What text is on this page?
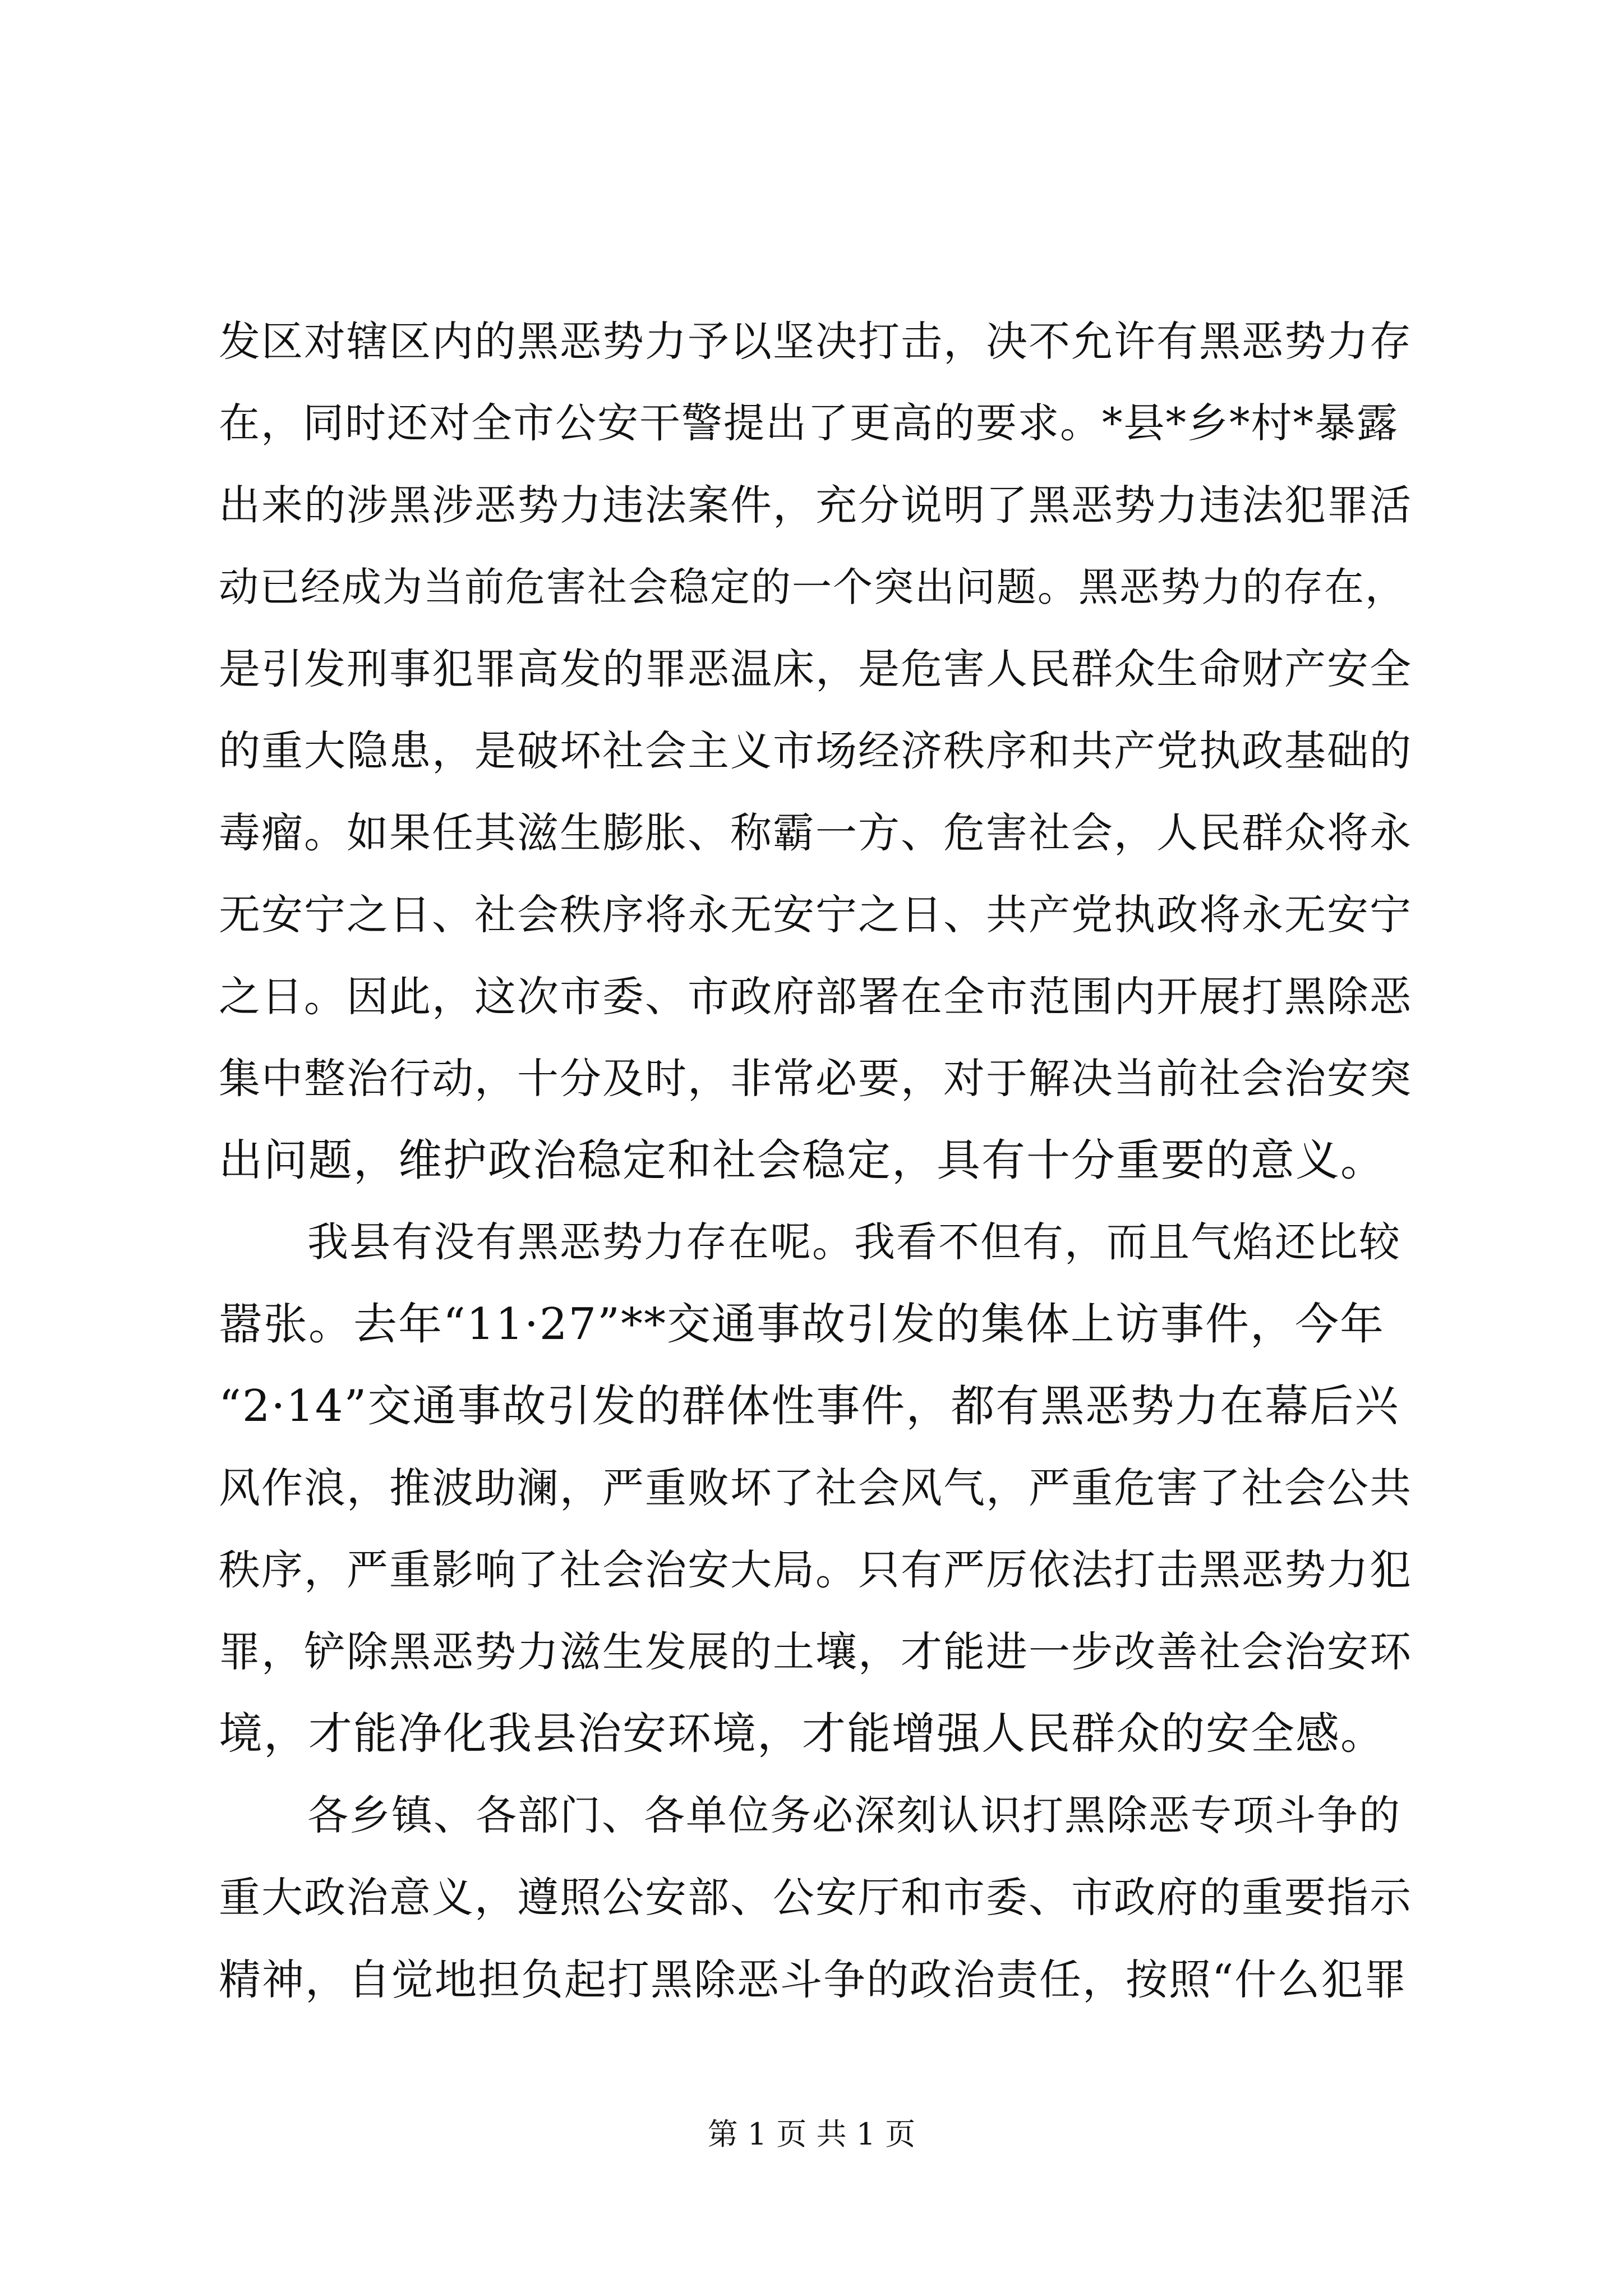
发区对辖区内的黑恶势力予以坚决打击，决不允许有黑恶势力存
在，同时还对全市公安干警提出了更高的要求。*县*乡*村*暴露
出来的涉黑涉恶势力违法案件，充分说明了黑恶势力违法犯罪活
动已经成为当前危害社会稳定的一个突出问题。黑恶势力的存在，
是引发刑事犯罪高发的罪恶温床，是危害人民群众生命财产安全
的重大隐患，是破坏社会主义市场经济秩序和共产党执政基础的
毒瘤。如果任其滋生膨胀、称霸一方、危害社会，人民群众将永
无安宁之日、社会秩序将永无安宁之日、共产党执政将永无安宁
之日。因此，这次市委、市政府部署在全市范围内开展打黑除恶
集中整治行动，十分及时，非常必要，对于解决当前社会治安突
出问题，维护政治稳定和社会稳定，具有十分重要的意义。
我县有没有黑恶势力存在呢。我看不但有，而且气焰还比较
嚣张。去年“11·27”**交通事故引发的集体上访事件，今年
“2·14”交通事故引发的群体性事件，都有黑恶势力在幕后兴
风作浪，推波助澜，严重败坏了社会风气，严重危害了社会公共
秩序，严重影响了社会治安大局。只有严厉依法打击黑恶势力犯
罪，铲除黑恶势力滋生发展的土壤，才能进一步改善社会治安环
境，才能净化我县治安环境，才能增强人民群众的安全感。
各乡镇、各部门、各单位务必深刻认识打黑除恶专项斗争的
重大政治意义，遵照公安部、公安厅和市委、市政府的重要指示
精神，自觉地担负起打黑除恶斗争的政治责任，按照“什么犯罪
第 1 页 共 1 页
